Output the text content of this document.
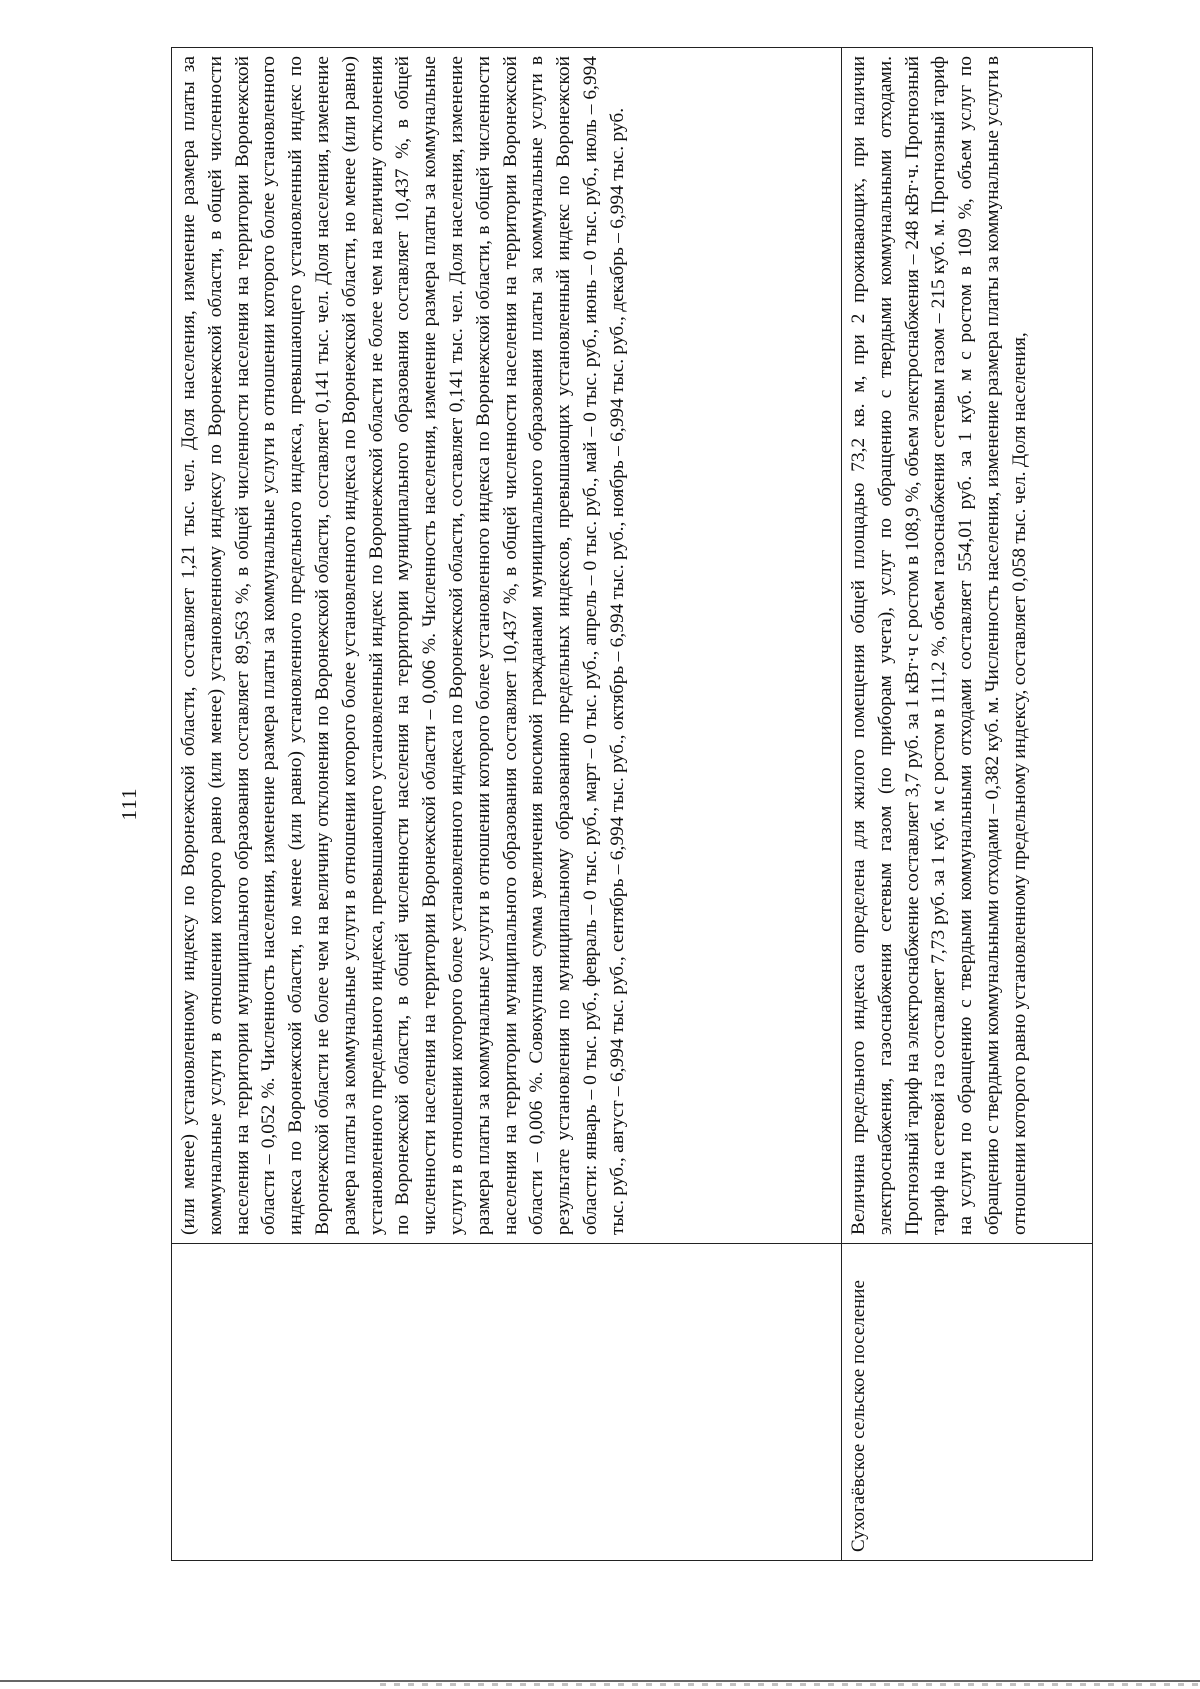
111
	(или менее) установленному индексу по Воронежской области, составляет 1,21 тыс. чел. Доля населения, изменение размера платы за коммунальные услуги в отношении которого равно (или менее) установленному индексу по Воронежской области, в общей численности населения на территории муниципального образования составляет 89,563 %, в общей численности населения на территории Воронежской области – 0,052 %. Численность населения, изменение размера платы за коммунальные услуги в отношении которого более установленного индекса по Воронежской области, но менее (или равно) установленного предельного индекса, превышающего установленный индекс по Воронежской области не более чем на величину отклонения по Воронежской области, составляет 0,141 тыс. чел. Доля населения, изменение размера платы за коммунальные услуги в отношении которого более установленного индекса по Воронежской области, но менее (или равно) установленного предельного индекса, превышающего установленный индекс по Воронежской области не более чем на величину отклонения по Воронежской области, в общей численности населения на территории муниципального образования составляет 10,437 %, в общей численности населения на территории Воронежской области – 0,006 %. Численность населения, изменение размера платы за коммунальные услуги в отношении которого более установленного индекса по Воронежской области, составляет 0,141 тыс. чел. Доля населения, изменение размера платы за коммунальные услуги в отношении которого более установленного индекса по Воронежской области, в общей численности населения на территории муниципального образования составляет 10,437 %, в общей численности населения на территории Воронежской области – 0,006 %. Совокупная сумма увеличения вносимой гражданами муниципального образования платы за коммунальные услуги в результате установления по муниципальному образованию предельных индексов, превышающих установленный индекс по Воронежской области: январь – 0 тыс. руб., февраль – 0 тыс. руб., март – 0 тыс. руб., апрель – 0 тыс. руб., май – 0 тыс. руб., июнь – 0 тыс. руб., июль – 6,994 тыс. руб., август – 6,994 тыс. руб., сентябрь – 6,994 тыс. руб., октябрь – 6,994 тыс. руб., ноябрь – 6,994 тыс. руб., декабрь – 6,994 тыс. руб.
Сухогаёвское сельское поселение	Величина предельного индекса определена для жилого помещения общей площадью 73,2 кв. м, при 2 проживающих, при наличии электроснабжения, газоснабжения сетевым газом (по приборам учета), услуг по обращению с твердыми коммунальными отходами. Прогнозный тариф на электроснабжение составляет 3,7 руб. за 1 кВт·ч с ростом в 108,9 %, объем электроснабжения – 248 кВт·ч. Прогнозный тариф на сетевой газ составляет 7,73 руб. за 1 куб. м с ростом в 111,2 %, объем газоснабжения сетевым газом – 215 куб. м. Прогнозный тариф на услуги по обращению с твердыми коммунальными отходами составляет 554,01 руб. за 1 куб. м с ростом в 109 %, объем услуг по обращению с твердыми коммунальными отходами – 0,382 куб. м. Численность населения, изменение размера платы за коммунальные услуги в отношении которого равно установленному предельному индексу, составляет 0,058 тыс. чел. Доля населения,
